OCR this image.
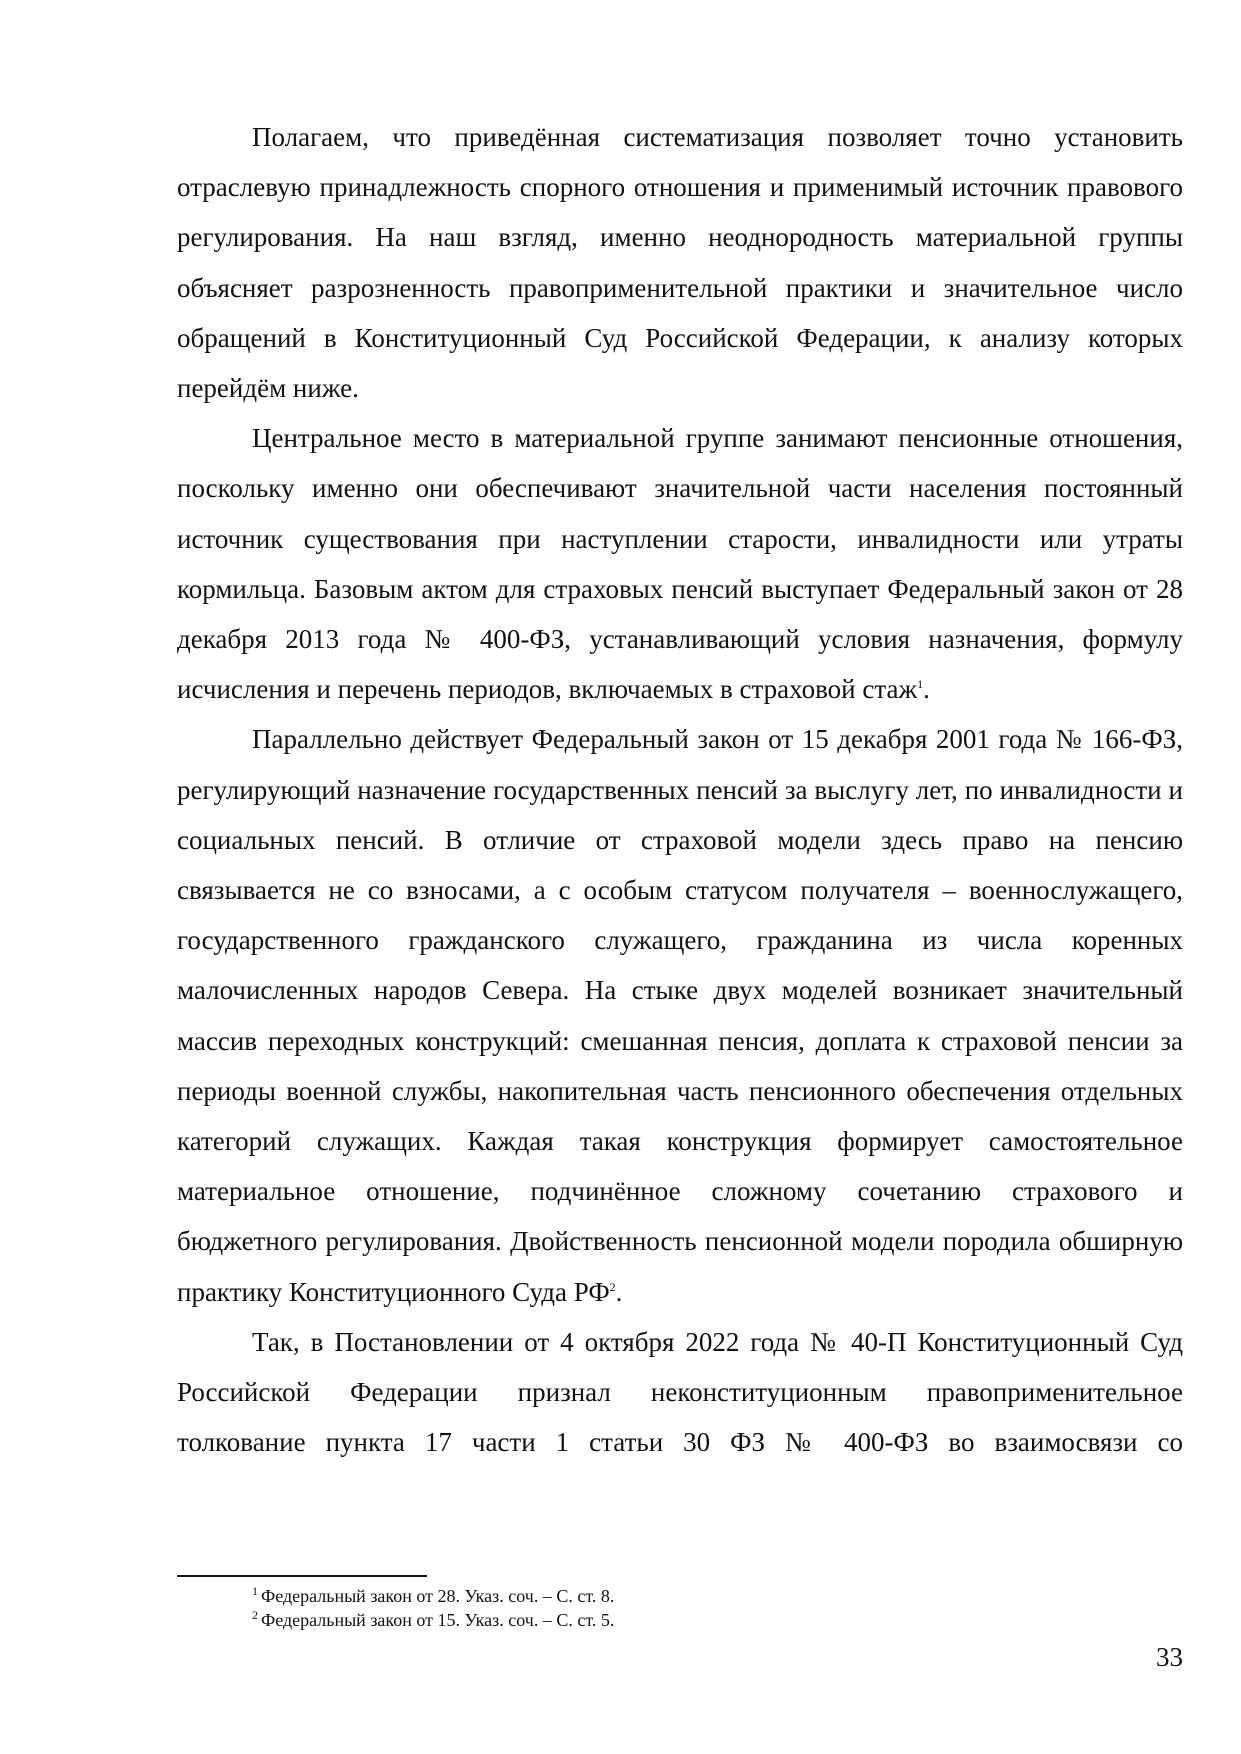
Полагаем, что приведённая систематизация позволяет точно установить отраслевую принадлежность спорного отношения и применимый источник правового регулирования. На наш взгляд, именно неоднородность материальной группы объясняет разрозненность правоприменительной практики и значительное число обращений в Конституционный Суд Российской Федерации, к анализу которых перейдём ниже.

Центральное место в материальной группе занимают пенсионные отношения, поскольку именно они обеспечивают значительной части населения постоянный источник существования при наступлении старости, инвалидности или утраты кормильца. Базовым актом для страховых пенсий выступает Федеральный закон от 28 декабря 2013 года № 400-ФЗ, устанавливающий условия назначения, формулу исчисления и перечень периодов, включаемых в страховой стаж$^1$.

Параллельно действует Федеральный закон от 15 декабря 2001 года № 166-ФЗ, регулирующий назначение государственных пенсий за выслугу лет, по инвалидности и социальных пенсий. В отличие от страховой модели здесь право на пенсию связывается не со взносами, а с особым статусом получателя – военнослужащего, государственного гражданского служащего, гражданина из числа коренных малочисленных народов Севера. На стыке двух моделей возникает значительный массив переходных конструкций: смешанная пенсия, доплата к страховой пенсии за периоды военной службы, накопительная часть пенсионного обеспечения отдельных категорий служащих. Каждая такая конструкция формирует самостоятельное материальное отношение, подчинённое сложному сочетанию страхового и бюджетного регулирования. Двойственность пенсионной модели породила обширную практику Конституционного Суда $РФ^2$.

Так, в Постановлении от 4 октября 2022 года № 40-П Конституционный Суд Российской Федерации признал неконституционным правоприменительное толкование пункта 17 части 1 статьи 30 ФЗ № 400-ФЗ во взаимосвязи со

$^1$ Федеральный закон от 28. Указ. соч. – С. ст. 8.

$^2$ Федеральный закон от 15. Указ. соч. – С. ст. 5.

33
